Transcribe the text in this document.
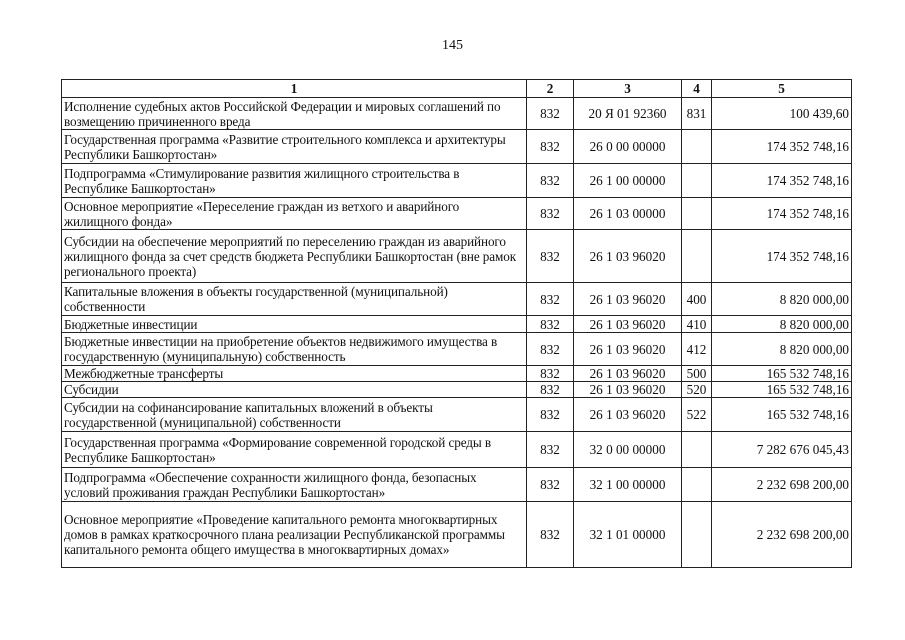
145
1	2	3	4	5
Исполнение судебных актов Российской Федерации и мировых соглашений по возмещению причиненного вреда	832	20 Я 01 92360	831	100 439,60
Государственная программа «Развитие строительного комплекса и архитектуры Республики Башкортостан»	832	26 0 00 00000		174 352 748,16
Подпрограмма «Стимулирование развития жилищного строительства в Республике Башкортостан»	832	26 1 00 00000		174 352 748,16
Основное мероприятие «Переселение граждан из ветхого и аварийного жилищного фонда»	832	26 1 03 00000		174 352 748,16
Субсидии на обеспечение мероприятий по переселению граждан из аварийного жилищного фонда за счет средств бюджета Республики Башкортостан (вне рамок регионального проекта)	832	26 1 03 96020		174 352 748,16
Капитальные вложения в объекты государственной (муниципальной) собственности	832	26 1 03 96020	400	8 820 000,00
Бюджетные инвестиции	832	26 1 03 96020	410	8 820 000,00
Бюджетные инвестиции на приобретение объектов недвижимого имущества в государственную (муниципальную) собственность	832	26 1 03 96020	412	8 820 000,00
Межбюджетные трансферты	832	26 1 03 96020	500	165 532 748,16
Субсидии	832	26 1 03 96020	520	165 532 748,16
Субсидии на софинансирование капитальных вложений в объекты государственной (муниципальной) собственности	832	26 1 03 96020	522	165 532 748,16
Государственная программа «Формирование современной городской среды в Республике Башкортостан»	832	32 0 00 00000		7 282 676 045,43
Подпрограмма «Обеспечение сохранности жилищного фонда, безопасных условий проживания граждан Республики Башкортостан»	832	32 1 00 00000		2 232 698 200,00
Основное мероприятие «Проведение капитального ремонта многоквартирных домов в рамках краткосрочного плана реализации Республиканской программы капитального ремонта общего имущества в многоквартирных домах»	832	32 1 01 00000		2 232 698 200,00
